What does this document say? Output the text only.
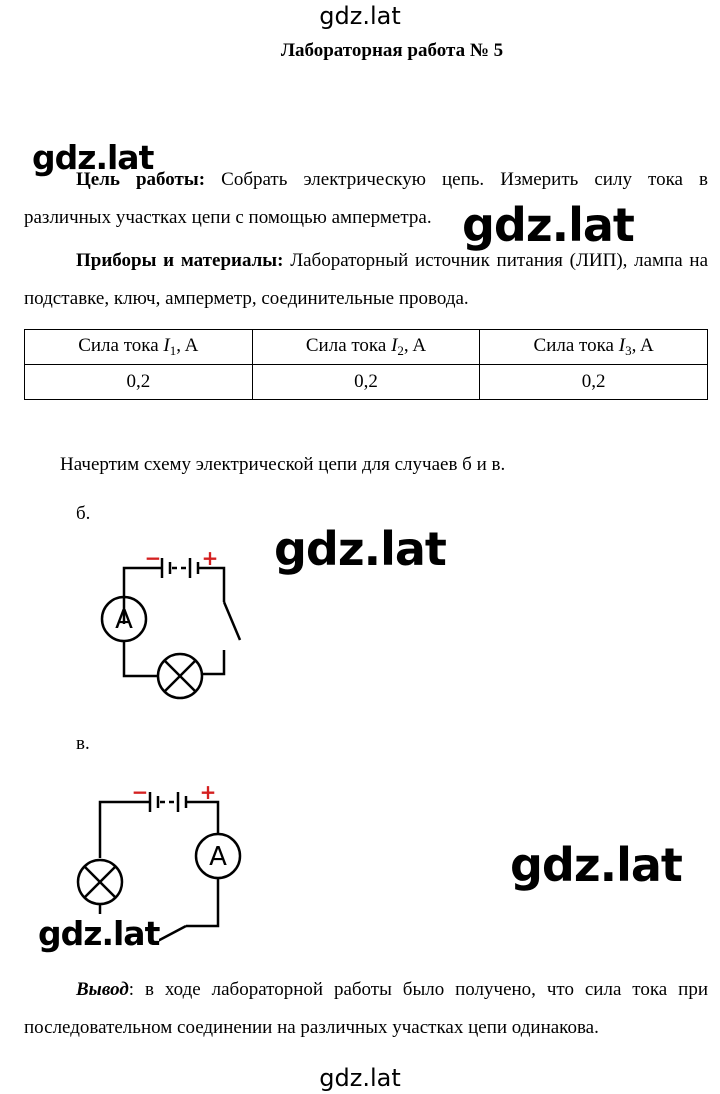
gdz.lat
Лабораторная работа № 5
gdz.lat
Цель работы: Собрать электрическую цепь. Измерить силу тока в различных участках цепи с помощью амперметра. gdz.lat
Приборы и материалы: Лабораторный источник питания (ЛИП), лампа на подставке, ключ, амперметр, соединительные провода.
Сила тока $I_1$, A	Сила тока $I_2$, A	Сила тока $I_3$, A
0,2	0,2	0,2
Начертим схему электрической цепи для случаев б и в.
б.
gdz.lat
A
− +
в.
A
−	+
gdz.lat
gdz.lat
Вывод: в ходе лабораторной работы было получено, что сила тока при последовательном соединении на различных участках цепи одинакова.
gdz.lat
